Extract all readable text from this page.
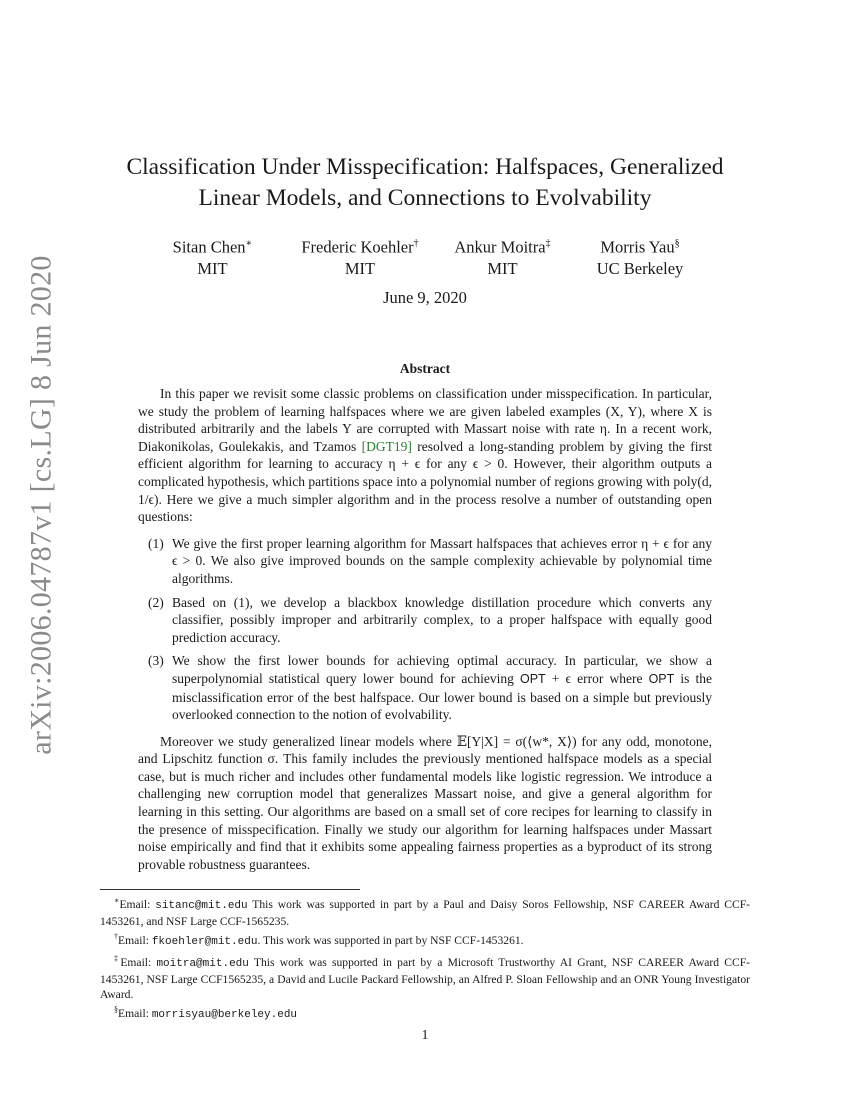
arXiv:2006.04787v1 [cs.LG] 8 Jun 2020
Classification Under Misspecification: Halfspaces, Generalized Linear Models, and Connections to Evolvability
Sitan Chen∗
MIT
Frederic Koehler†
MIT
Ankur Moitra‡
MIT
Morris Yau§
UC Berkeley
June 9, 2020
Abstract

In this paper we revisit some classic problems on classification under misspecification. In particular, we study the problem of learning halfspaces where we are given labeled examples (X, Y), where X is distributed arbitrarily and the labels Y are corrupted with Massart noise with rate η. In a recent work, Diakonikolas, Goulekakis, and Tzamos [DGT19] resolved a long-standing problem by giving the first efficient algorithm for learning to accuracy η + ϵ for any ϵ > 0. However, their algorithm outputs a complicated hypothesis, which partitions space into a polynomial number of regions growing with poly(d, 1/ϵ). Here we give a much simpler algorithm and in the process resolve a number of outstanding open questions:

(1) We give the first proper learning algorithm for Massart halfspaces that achieves error η + ϵ for any ϵ > 0. We also give improved bounds on the sample complexity achievable by polynomial time algorithms.
(2) Based on (1), we develop a blackbox knowledge distillation procedure which converts any classifier, possibly improper and arbitrarily complex, to a proper halfspace with equally good prediction accuracy.
(3) We show the first lower bounds for achieving optimal accuracy. In particular, we show a superpolynomial statistical query lower bound for achieving OPT + ϵ error where OPT is the misclassification error of the best halfspace. Our lower bound is based on a simple but previously overlooked connection to the notion of evolvability.

Moreover we study generalized linear models where 𝔼[Y|X] = σ(⟨w*, X⟩) for any odd, monotone, and Lipschitz function σ. This family includes the previously mentioned halfspace models as a special case, but is much richer and includes other fundamental models like logistic regression. We introduce a challenging new corruption model that generalizes Massart noise, and give a general algorithm for learning in this setting. Our algorithms are based on a small set of core recipes for learning to classify in the presence of misspecification. Finally we study our algorithm for learning halfspaces under Massart noise empirically and find that it exhibits some appealing fairness properties as a byproduct of its strong provable robustness guarantees.

∗Email: sitanc@mit.edu This work was supported in part by a Paul and Daisy Soros Fellowship, NSF CAREER Award CCF-1453261, and NSF Large CCF-1565235.

†Email: fkoehler@mit.edu. This work was supported in part by NSF CCF-1453261.

‡Email: moitra@mit.edu This work was supported in part by a Microsoft Trustworthy AI Grant, NSF CAREER Award CCF-1453261, NSF Large CCF1565235, a David and Lucile Packard Fellowship, an Alfred P. Sloan Fellowship and an ONR Young Investigator Award.

§Email: morrisyau@berkeley.edu

1
